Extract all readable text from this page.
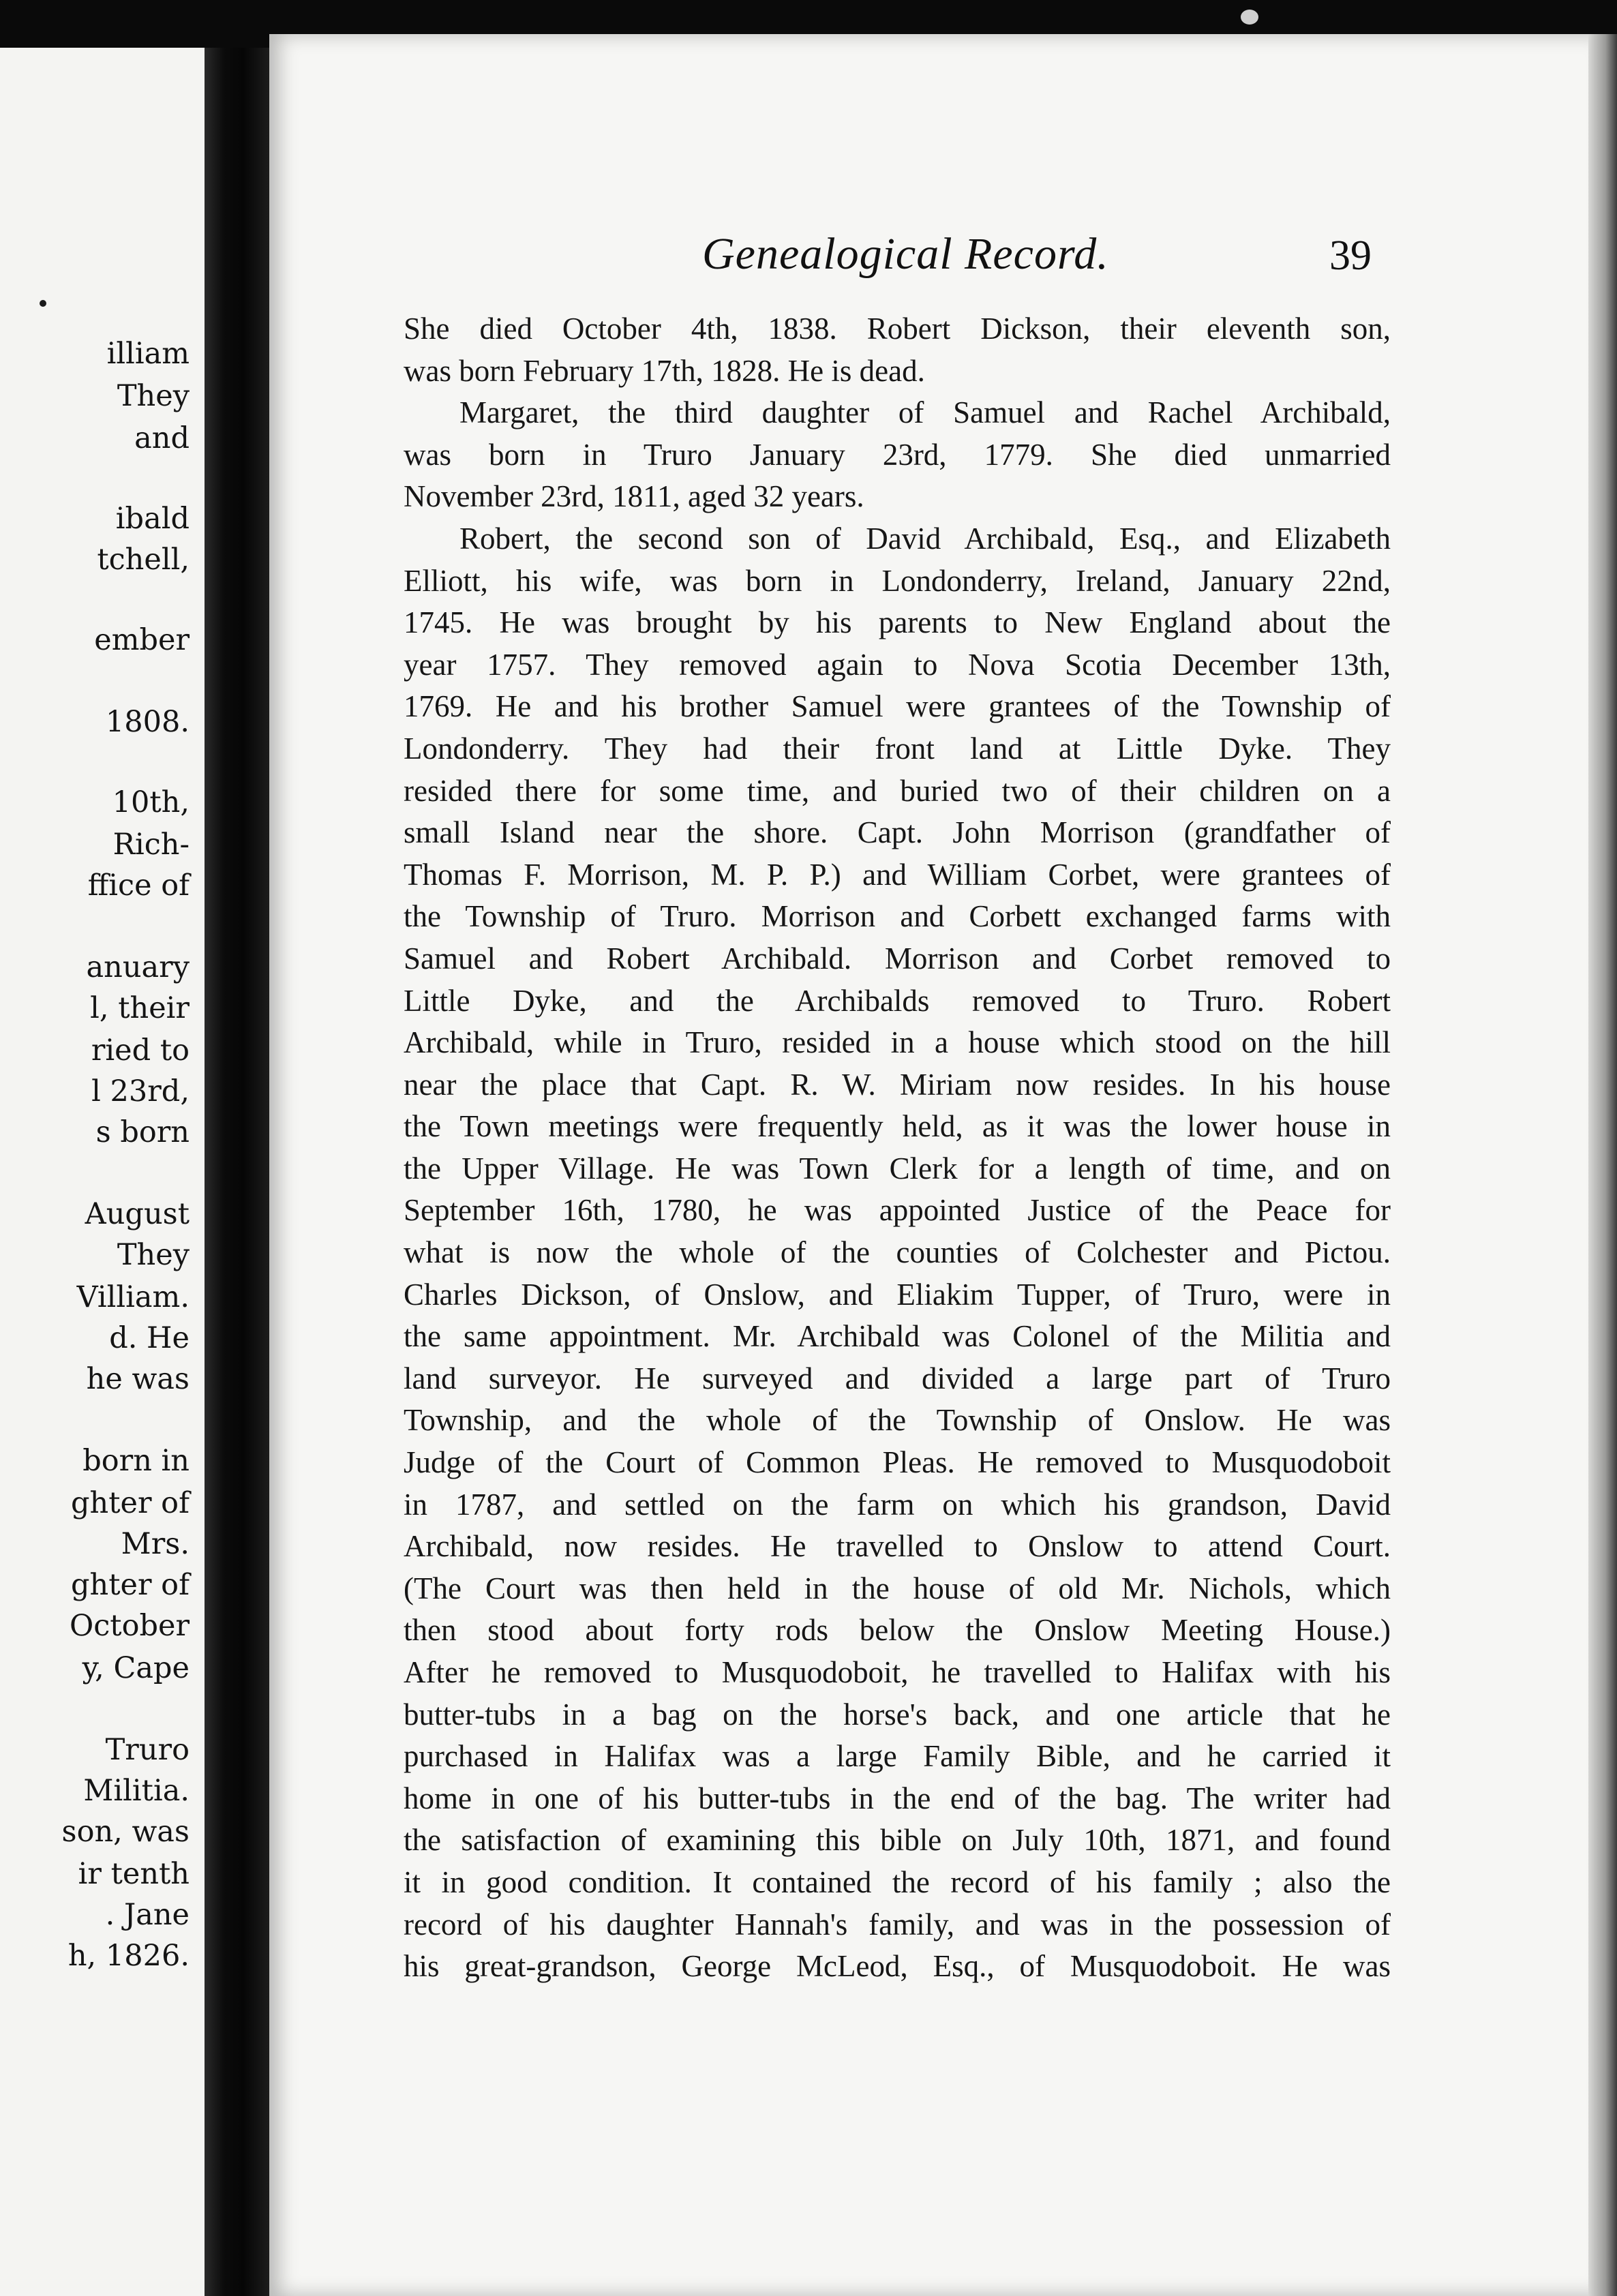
illiam
They
and
ibald
tchell,
ember
1808.
10th,
Rich-
ffice of
anuary
l, their
ried to
l 23rd,
s born
August
They
Villiam.
d. He
he was
born in
ghter of
Mrs.
ghter of
October
y, Cape
Truro
Militia.
son, was
ir tenth
. Jane
h, 1826.
Genealogical Record.	39
She died October 4th, 1838. Robert Dickson, their eleventh son,
was born February 17th, 1828. He is dead.
Margaret, the third daughter of Samuel and Rachel Archibald,
was born in Truro January 23rd, 1779. She died unmarried
November 23rd, 1811, aged 32 years.
Robert, the second son of David Archibald, Esq., and Elizabeth
Elliott, his wife, was born in Londonderry, Ireland, January 22nd,
1745. He was brought by his parents to New England about the
year 1757. They removed again to Nova Scotia December 13th,
1769. He and his brother Samuel were grantees of the Township of
Londonderry. They had their front land at Little Dyke. They
resided there for some time, and buried two of their children on a
small Island near the shore. Capt. John Morrison (grandfather of
Thomas F. Morrison, M. P. P.) and William Corbet, were grantees of
the Township of Truro. Morrison and Corbett exchanged farms with
Samuel and Robert Archibald. Morrison and Corbet removed to
Little Dyke, and the Archibalds removed to Truro. Robert
Archibald, while in Truro, resided in a house which stood on the hill
near the place that Capt. R. W. Miriam now resides. In his house
the Town meetings were frequently held, as it was the lower house in
the Upper Village. He was Town Clerk for a length of time, and on
September 16th, 1780, he was appointed Justice of the Peace for
what is now the whole of the counties of Colchester and Pictou.
Charles Dickson, of Onslow, and Eliakim Tupper, of Truro, were in
the same appointment. Mr. Archibald was Colonel of the Militia and
land surveyor. He surveyed and divided a large part of Truro
Township, and the whole of the Township of Onslow. He was
Judge of the Court of Common Pleas. He removed to Musquodoboit
in 1787, and settled on the farm on which his grandson, David
Archibald, now resides. He travelled to Onslow to attend Court.
(The Court was then held in the house of old Mr. Nichols, which
then stood about forty rods below the Onslow Meeting House.)
After he removed to Musquodoboit, he travelled to Halifax with his
butter-tubs in a bag on the horse's back, and one article that he
purchased in Halifax was a large Family Bible, and he carried it
home in one of his butter-tubs in the end of the bag. The writer had
the satisfaction of examining this bible on July 10th, 1871, and found
it in good condition. It contained the record of his family ; also the
record of his daughter Hannah's family, and was in the possession of
his great-grandson, George McLeod, Esq., of Musquodoboit. He was
